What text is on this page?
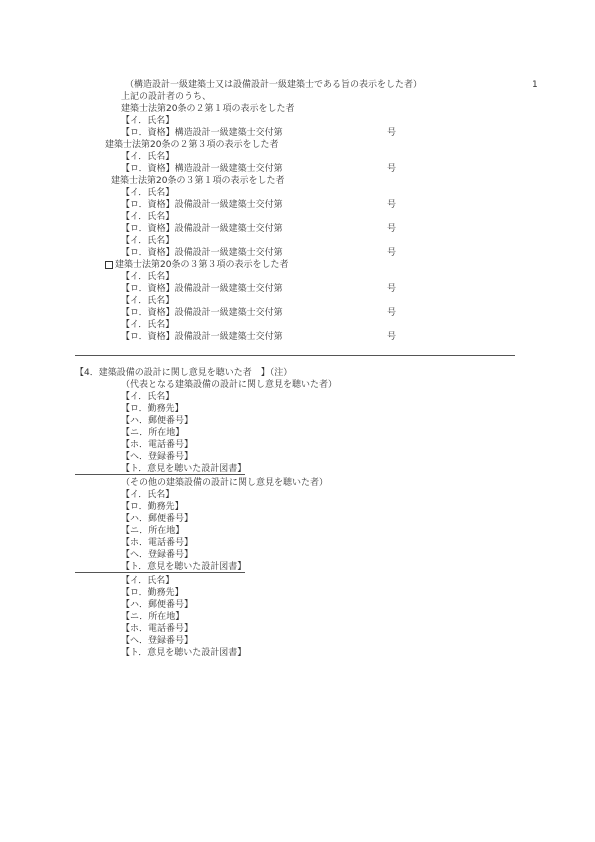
1
（構造設計一級建築士又は設備設計一級建築士である旨の表示をした者）
上記の設計者のうち、
建築士法第20条の２第１項の表示をした者
【イ．氏名】
【ロ．資格】構造設計一級建築士交付第	号
建築士法第20条の２第３項の表示をした者
【イ．氏名】
【ロ．資格】構造設計一級建築士交付第	号
建築士法第20条の３第１項の表示をした者
【イ．氏名】
【ロ．資格】設備設計一級建築士交付第	号
【イ．氏名】
【ロ．資格】設備設計一級建築士交付第	号
【イ．氏名】
【ロ．資格】設備設計一級建築士交付第	号
建築士法第20条の３第３項の表示をした者
【イ．氏名】
【ロ．資格】設備設計一級建築士交付第	号
【イ．氏名】
【ロ．資格】設備設計一級建築士交付第	号
【イ．氏名】
【ロ．資格】設備設計一級建築士交付第	号
【4．建築設備の設計に関し意見を聴いた者　】（注）
（代表となる建築設備の設計に関し意見を聴いた者）
【イ．氏名】
【ロ．勤務先】
【ハ．郵便番号】
【ニ．所在地】
【ホ．電話番号】
【ヘ．登録番号】
【ト．意見を聴いた設計図書】
（その他の建築設備の設計に関し意見を聴いた者）
【イ．氏名】
【ロ．勤務先】
【ハ．郵便番号】
【ニ．所在地】
【ホ．電話番号】
【ヘ．登録番号】
【ト．意見を聴いた設計図書】
【イ．氏名】
【ロ．勤務先】
【ハ．郵便番号】
【ニ．所在地】
【ホ．電話番号】
【ヘ．登録番号】
【ト．意見を聴いた設計図書】
